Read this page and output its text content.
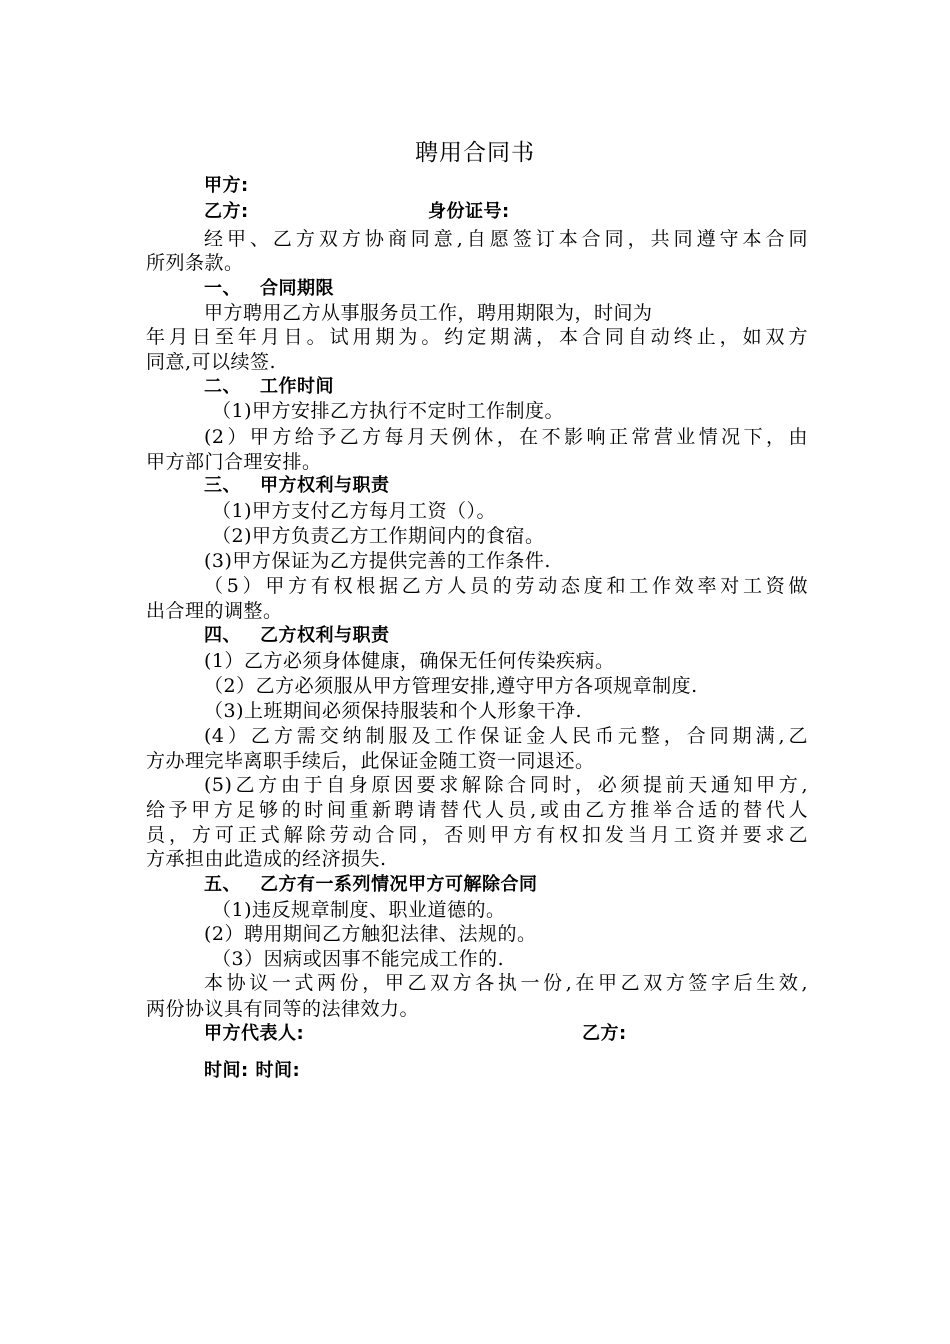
聘用合同书
甲方:
乙方:	身份证号:
经甲、乙方双方协商同意,自愿签订本合同，共同遵守本合同
所列条款。
一、 合同期限
甲方聘用乙方从事服务员工作，聘用期限为，时间为
年月日至年月日。试用期为。约定期满，本合同自动终止，如双方
同意,可以续签.
二、 工作时间
（1)甲方安排乙方执行不定时工作制度。
(2）甲方给予乙方每月天例休，在不影响正常营业情况下，由
甲方部门合理安排。
三、 甲方权利与职责
（1)甲方支付乙方每月工资（）。
（2)甲方负责乙方工作期间内的食宿。
(3)甲方保证为乙方提供完善的工作条件.
（5）甲方有权根据乙方人员的劳动态度和工作效率对工资做
出合理的调整。
四、 乙方权利与职责
(1）乙方必须身体健康，确保无任何传染疾病。
（2）乙方必须服从甲方管理安排,遵守甲方各项规章制度.
（3)上班期间必须保持服装和个人形象干净.
(4）乙方需交纳制服及工作保证金人民币元整，合同期满,乙
方办理完毕离职手续后，此保证金随工资一同退还。
(5)乙方由于自身原因要求解除合同时，必须提前天通知甲方,
给予甲方足够的时间重新聘请替代人员,或由乙方推举合适的替代人
员，方可正式解除劳动合同，否则甲方有权扣发当月工资并要求乙
方承担由此造成的经济损失.
五、 乙方有一系列情况甲方可解除合同
（1)违反规章制度、职业道德的。
(2）聘用期间乙方触犯法律、法规的。
（3）因病或因事不能完成工作的.
本协议一式两份，甲乙双方各执一份,在甲乙双方签字后生效,
两份协议具有同等的法律效力。
甲方代表人:	乙方:
时间: 时间:
